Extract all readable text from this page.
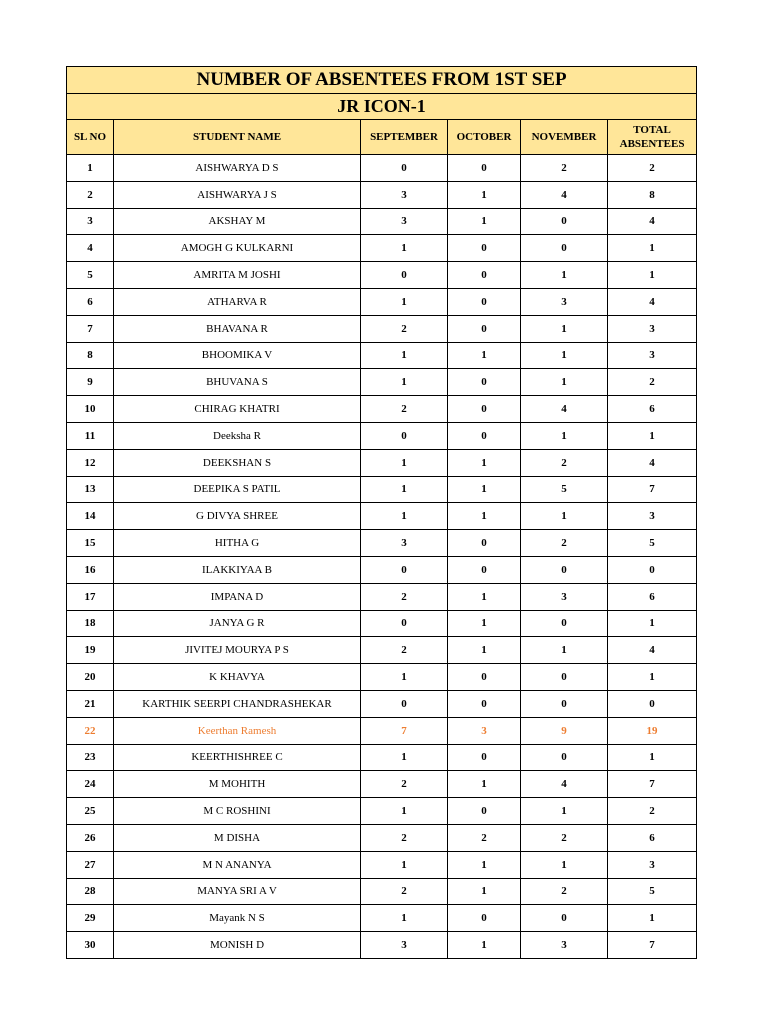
NUMBER OF ABSENTEES FROM 1ST SEP					
JR ICON-1					
SL NO	STUDENT NAME	SEPTEMBER	OCTOBER	NOVEMBER	TOTAL ABSENTEES
1	AISHWARYA D S	0	0	2	2
2	AISHWARYA J S	3	1	4	8
3	AKSHAY M	3	1	0	4
4	AMOGH G KULKARNI	1	0	0	1
5	AMRITA M JOSHI	0	0	1	1
6	ATHARVA R	1	0	3	4
7	BHAVANA R	2	0	1	3
8	BHOOMIKA V	1	1	1	3
9	BHUVANA S	1	0	1	2
10	CHIRAG KHATRI	2	0	4	6
11	Deeksha R	0	0	1	1
12	DEEKSHAN S	1	1	2	4
13	DEEPIKA S PATIL	1	1	5	7
14	G DIVYA SHREE	1	1	1	3
15	HITHA G	3	0	2	5
16	ILAKKIYAA B	0	0	0	0
17	IMPANA D	2	1	3	6
18	JANYA G R	0	1	0	1
19	JIVITEJ MOURYA P S	2	1	1	4
20	K KHAVYA	1	0	0	1
21	KARTHIK SEERPI CHANDRASHEKAR	0	0	0	0
22	Keerthan Ramesh	7	3	9	19
23	KEERTHISHREE C	1	0	0	1
24	M MOHITH	2	1	4	7
25	M C ROSHINI	1	0	1	2
26	M DISHA	2	2	2	6
27	M N ANANYA	1	1	1	3
28	MANYA SRI A V	2	1	2	5
29	Mayank N S	1	0	0	1
30	MONISH D	3	1	3	7
